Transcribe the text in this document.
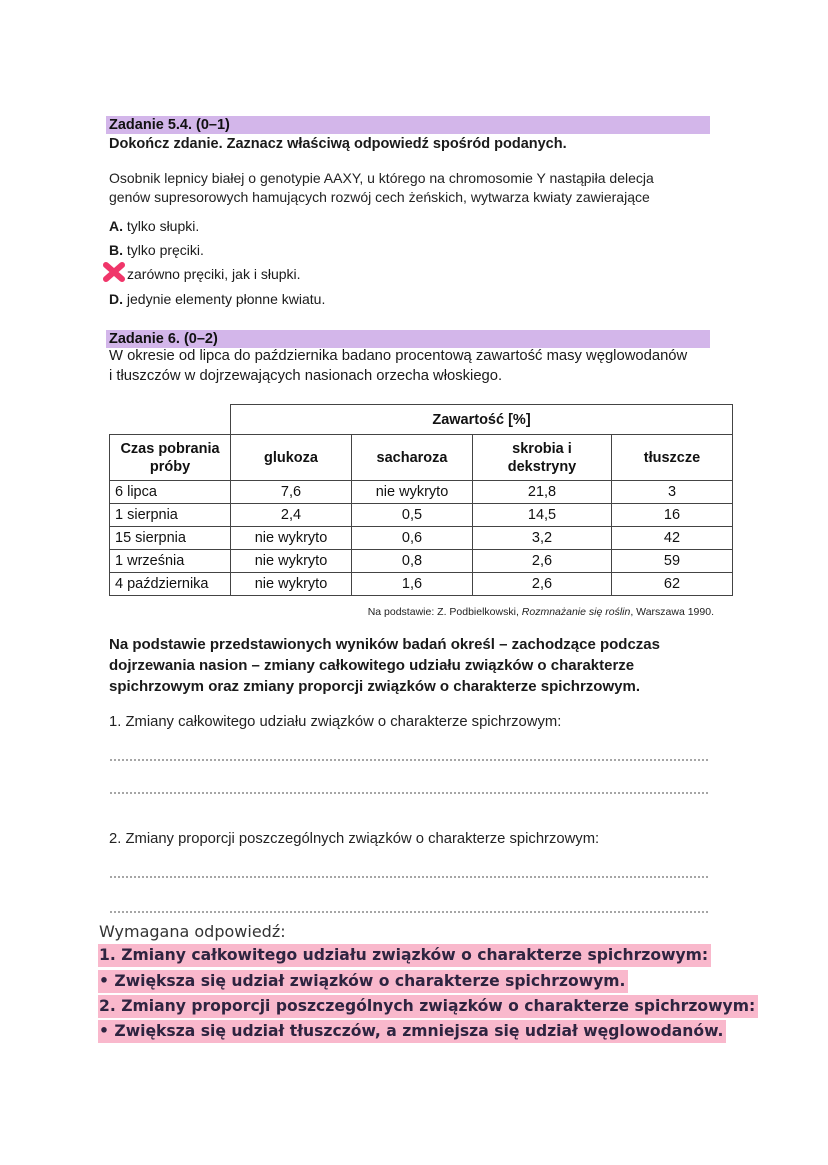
Zadanie 5.4. (0–1)
Dokończ zdanie. Zaznacz właściwą odpowiedź spośród podanych.
Osobnik lepnicy białej o genotypie AAXY, u którego na chromosomie Y nastąpiła delecja
genów supresorowych hamujących rozwój cech żeńskich, wytwarza kwiaty zawierające
A. tylko słupki.
B. tylko pręciki.
zarówno pręciki, jak i słupki.
D. jedynie elementy płonne kwiatu.
Zadanie 6. (0–2)
W okresie od lipca do października badano procentową zawartość masy węglowodanów
i tłuszczów w dojrzewających nasionach orzecha włoskiego.
	Zawartość [%]			
Czas pobrania próby	glukoza	sacharoza	skrobia i dekstryny	tłuszcze
6 lipca	7,6	nie wykryto	21,8	3
1 sierpnia	2,4	0,5	14,5	16
15 sierpnia	nie wykryto	0,6	3,2	42
1 września	nie wykryto	0,8	2,6	59
4 października	nie wykryto	1,6	2,6	62
Na podstawie: Z. Podbielkowski, Rozmnażanie się roślin, Warszawa 1990.
Na podstawie przedstawionych wyników badań określ – zachodzące podczas
dojrzewania nasion – zmiany całkowitego udziału związków o charakterze
spichrzowym oraz zmiany proporcji związków o charakterze spichrzowym.
1. Zmiany całkowitego udziału związków o charakterze spichrzowym:
2. Zmiany proporcji poszczególnych związków o charakterze spichrzowym:
Wymagana odpowiedź:
1. Zmiany całkowitego udziału związków o charakterze spichrzowym:
• Zwiększa się udział związków o charakterze spichrzowym.
2. Zmiany proporcji poszczególnych związków o charakterze spichrzowym:
• Zwiększa się udział tłuszczów, a zmniejsza się udział węglowodanów.
